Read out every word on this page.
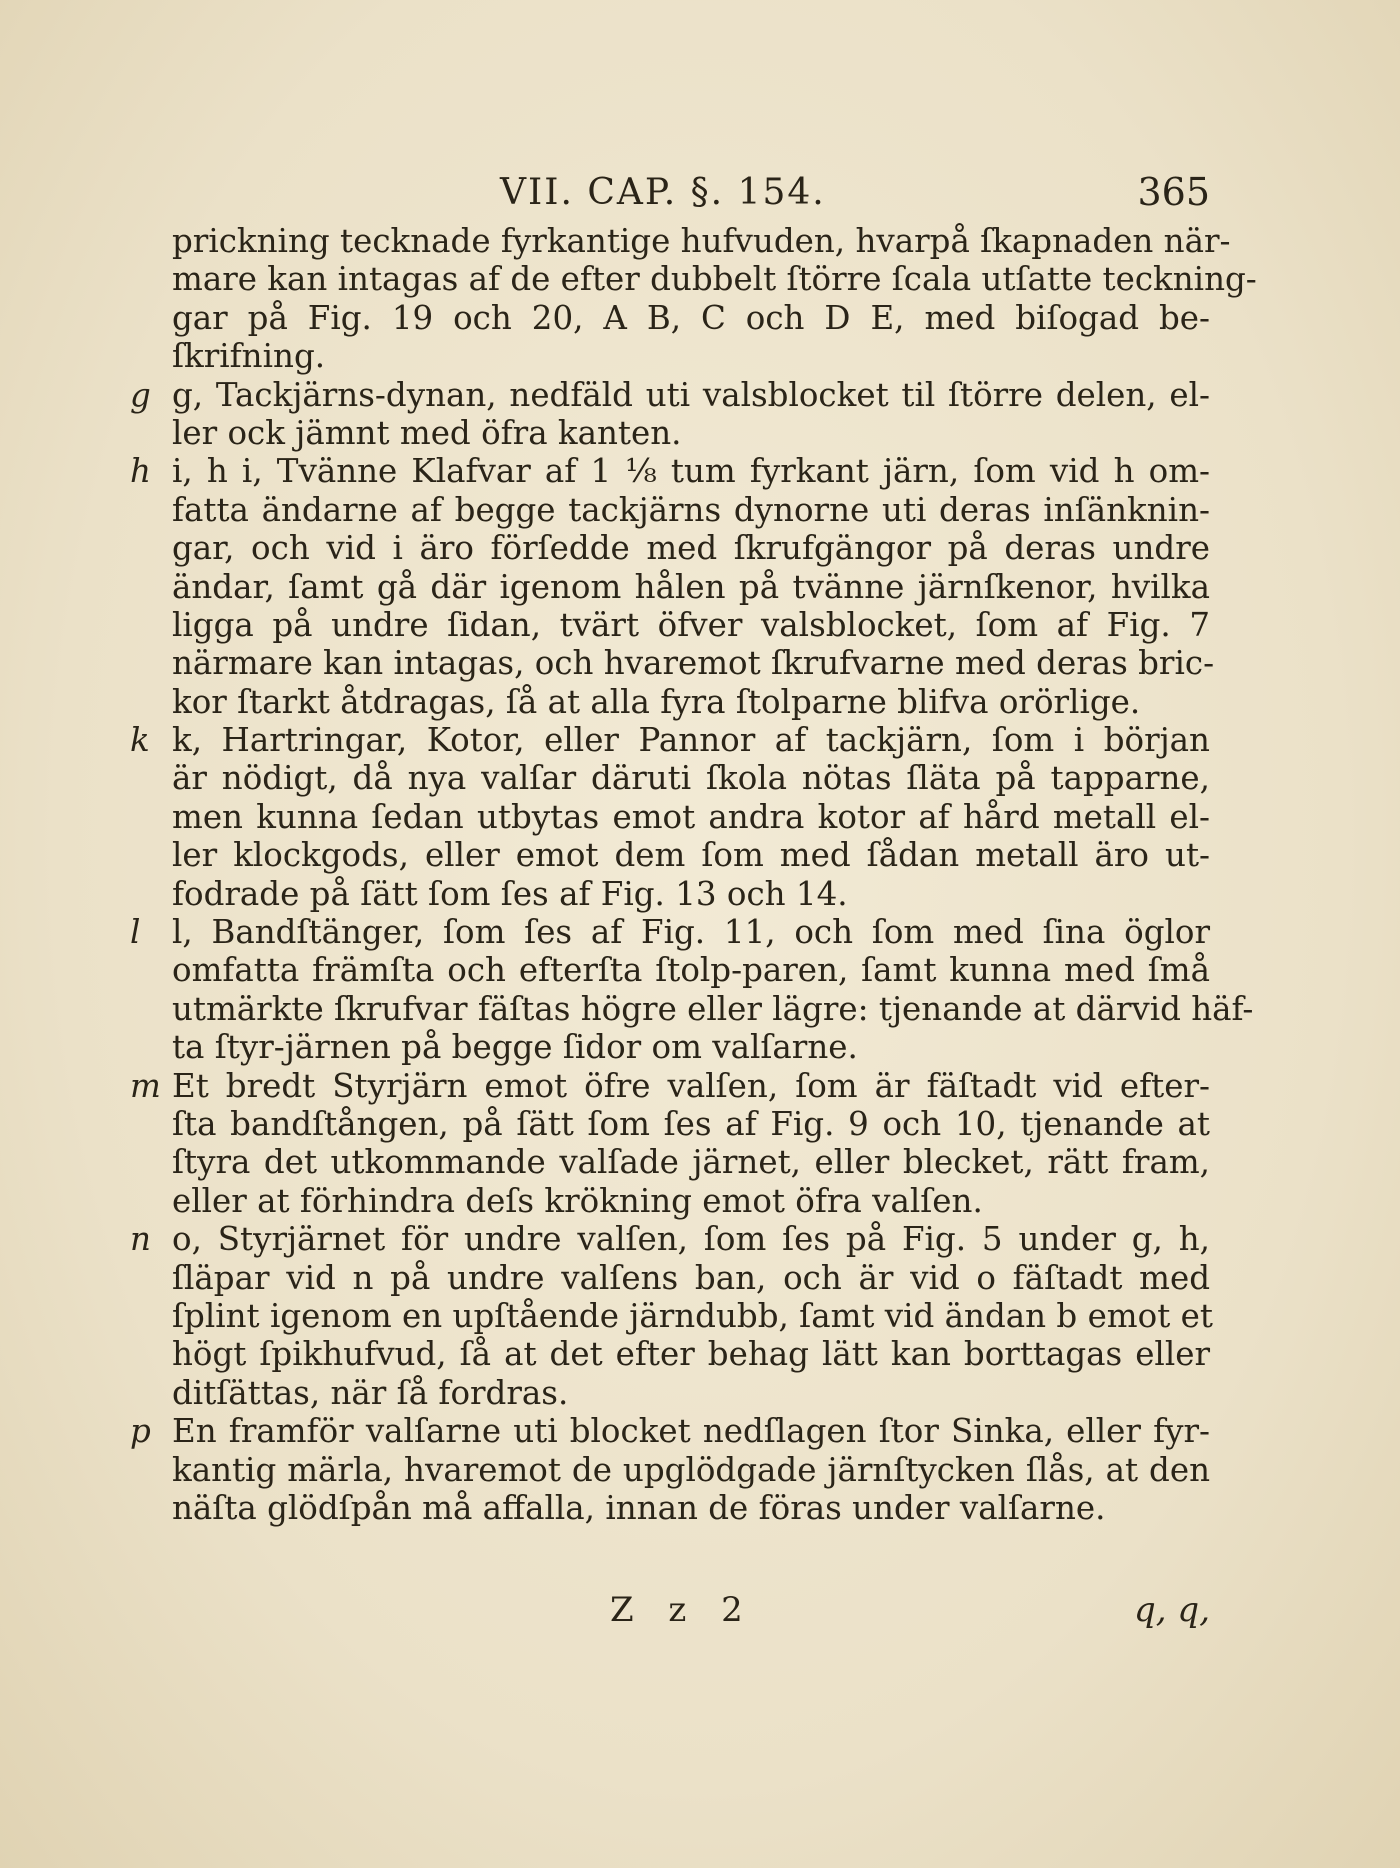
VII. CAP. §. 154.	365
prickning tecknade fyrkantige hufvuden, hvarpå ſkapnaden när-
mare kan intagas af de efter dubbelt ſtörre ſcala utſatte teckning-
gar på Fig. 19 och 20, A B, C och D E, med biſogad be-
ſkrifning.
g g, Tackjärns-dynan, nedfäld uti valsblocket til ſtörre delen, el-
ler ock jämnt med öfra kanten.
h i, h i, Tvänne Klafvar af 1 ⅛ tum fyrkant järn, ſom vid h om-
fatta ändarne af begge tackjärns dynorne uti deras inſänknin-
gar, och vid i äro förſedde med ſkrufgängor på deras undre
ändar, ſamt gå där igenom hålen på tvänne järnſkenor, hvilka
ligga på undre ſidan, tvärt öfver valsblocket, ſom af Fig. 7
närmare kan intagas, och hvaremot ſkrufvarne med deras bric-
kor ſtarkt åtdragas, ſå at alla fyra ſtolparne blifva orörlige.
k k, Hartringar, Kotor, eller Pannor af tackjärn, ſom i början
är nödigt, då nya valſar däruti ſkola nötas ſläta på tapparne,
men kunna ſedan utbytas emot andra kotor af hård metall el-
ler klockgods, eller emot dem ſom med ſådan metall äro ut-
fodrade på ſätt ſom ſes af Fig. 13 och 14.
l l, Bandſtänger, ſom ſes af Fig. 11, och ſom med ſina öglor
omfatta främſta och efterſta ſtolp-paren, ſamt kunna med ſmå
utmärkte ſkrufvar fäſtas högre eller lägre: tjenande at därvid häf-
ta ſtyr-järnen på begge ſidor om valſarne.
m Et bredt Styrjärn emot öfre valſen, ſom är fäſtadt vid efter-
ſta bandſtången, på ſätt ſom ſes af Fig. 9 och 10, tjenande at
ſtyra det utkommande valſade järnet, eller blecket, rätt fram,
eller at förhindra deſs krökning emot öfra valſen.
n o, Styrjärnet för undre valſen, ſom ſes på Fig. 5 under g, h,
ſläpar vid n på undre valſens ban, och är vid o fäſtadt med
ſplint igenom en upſtående järndubb, ſamt vid ändan b emot et
högt ſpikhufvud, ſå at det efter behag lätt kan borttagas eller
ditſättas, när ſå fordras.
p En framför valſarne uti blocket nedſlagen ſtor Sinka, eller fyr-
kantig märla, hvaremot de upglödgade järnſtycken ſlås, at den
näſta glödſpån må affalla, innan de föras under valſarne.
Z z 2	q, q,
